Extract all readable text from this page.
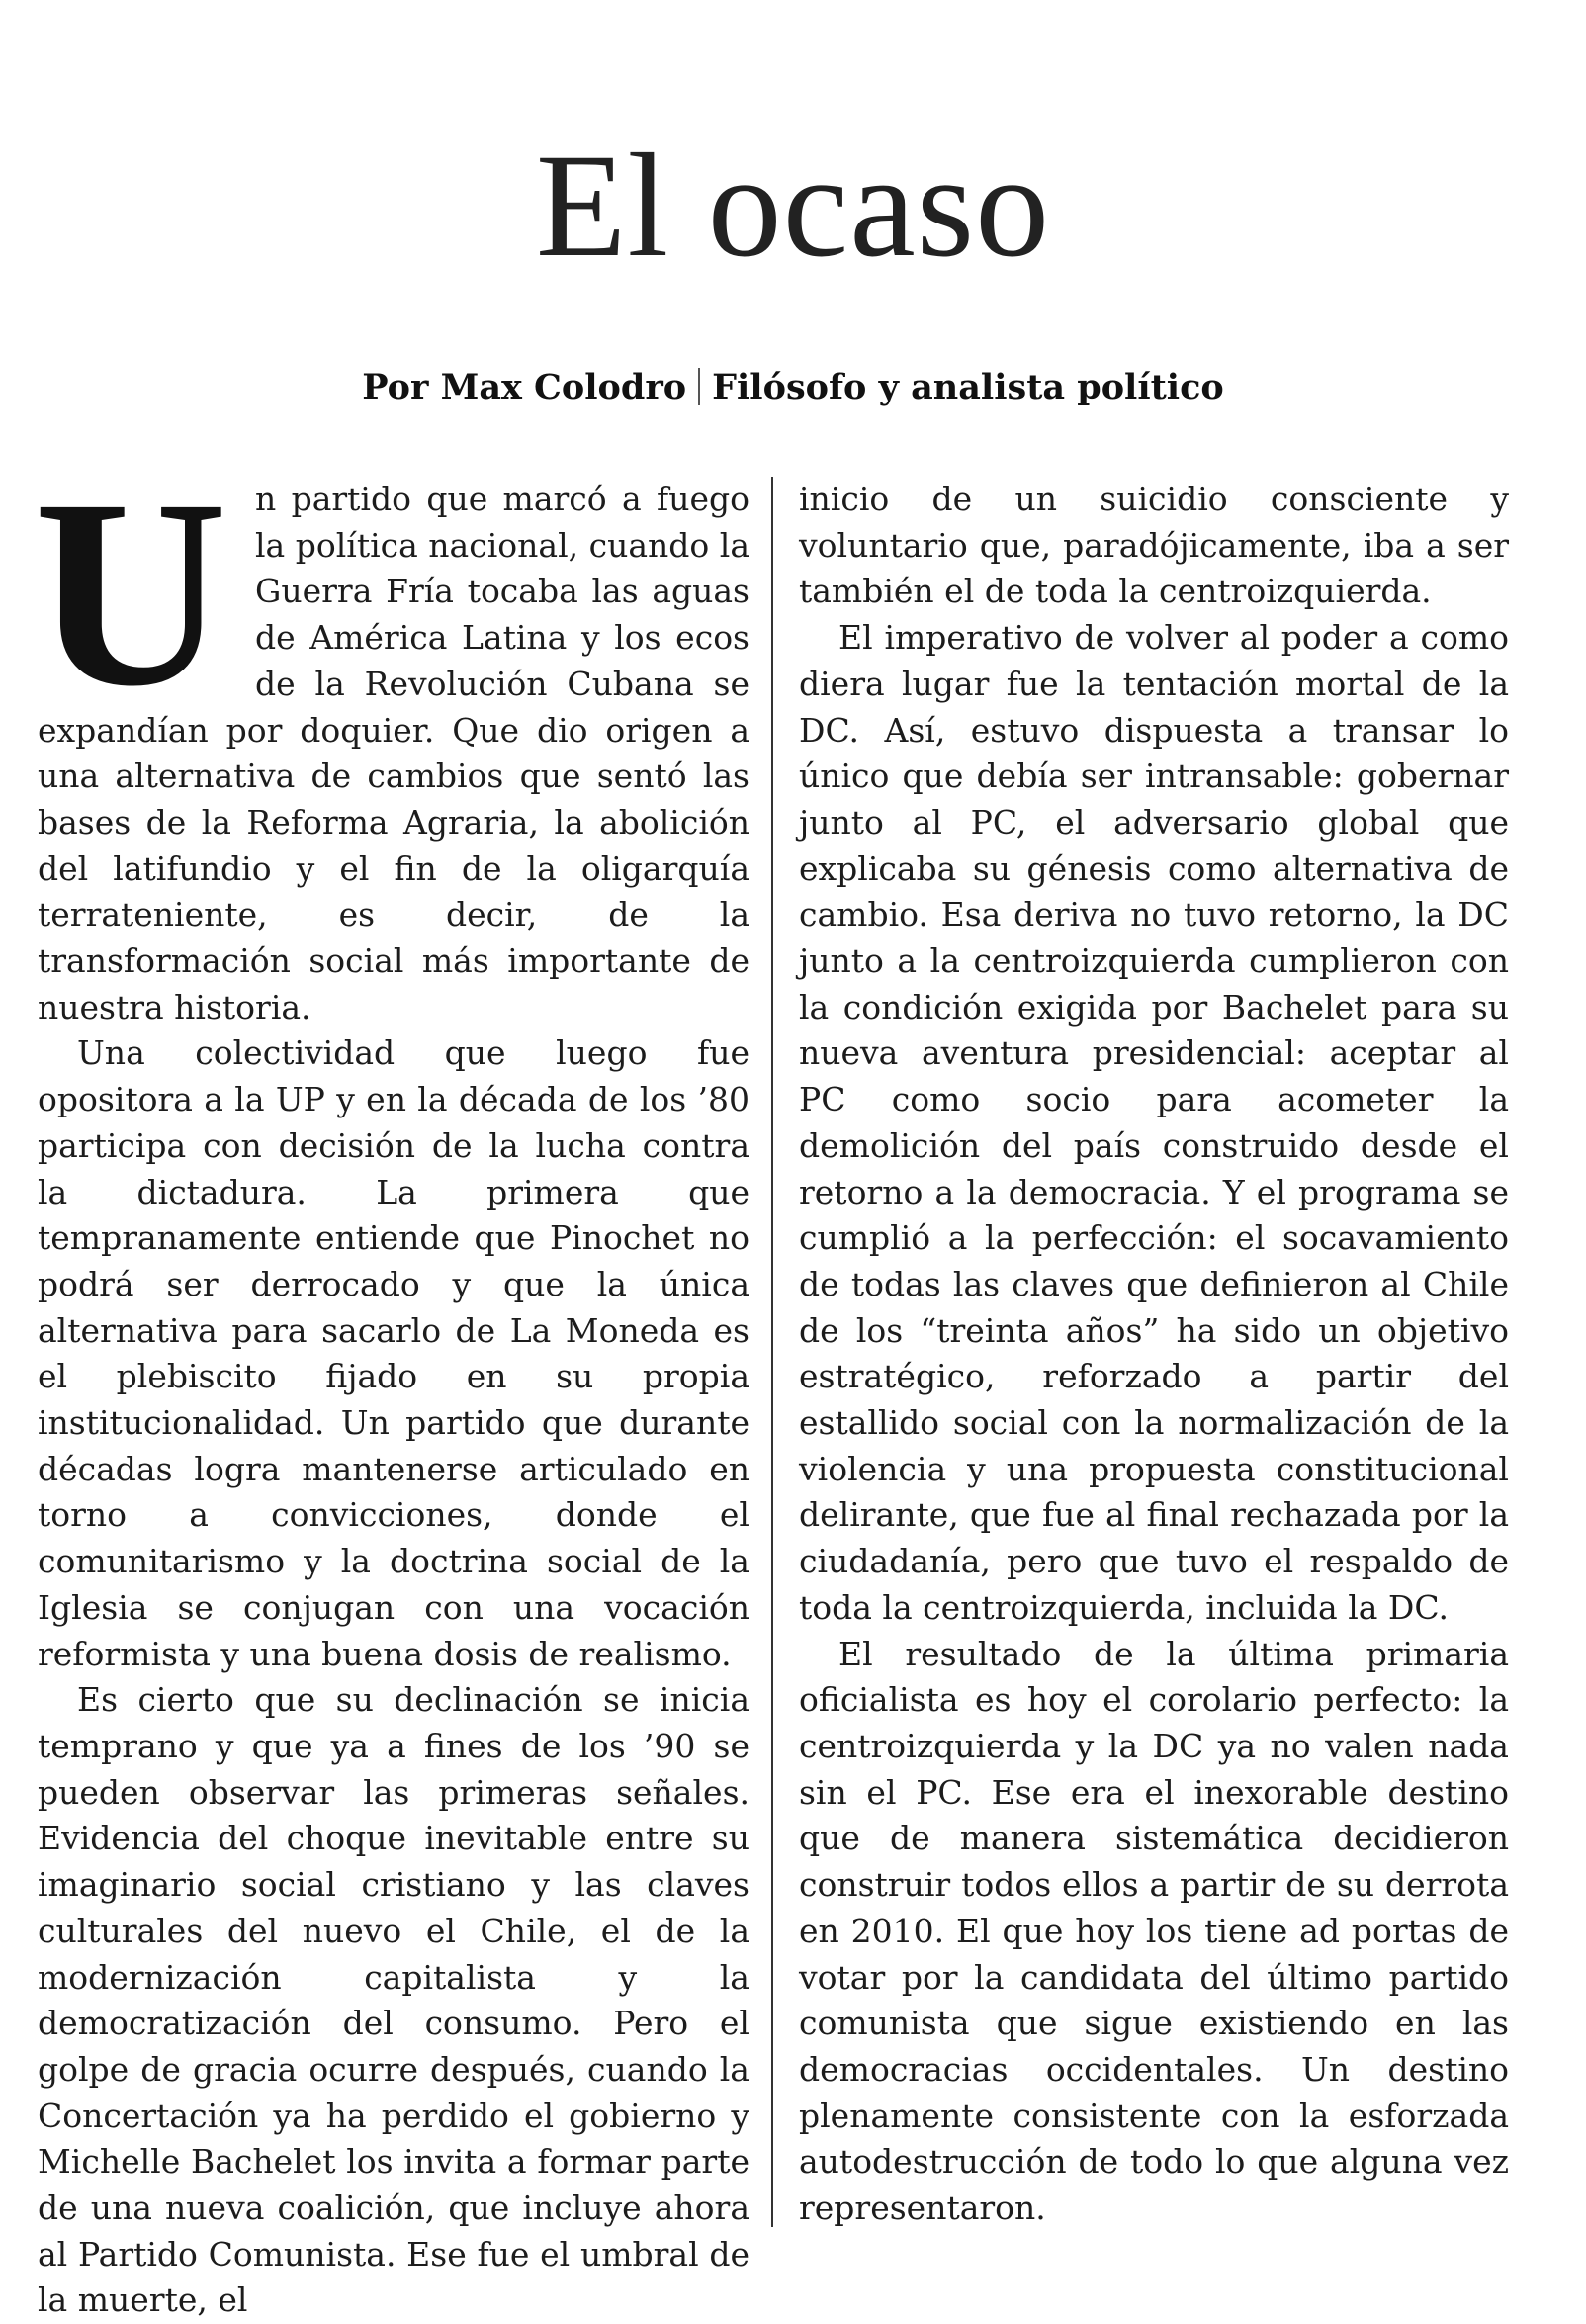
El ocaso
Por Max Colodro Filósofo y analista político

Un partido que marcó a fuego la política nacional, cuando la Guerra Fría tocaba las aguas de América Latina y los ecos de la Revolución Cubana se expandían por doquier. Que dio origen a una alternativa de cambios que sentó las bases de la Reforma Agraria, la abolición del latifundio y el fin de la oligarquía terrateniente, es decir, de la transformación social más importante de nuestra historia.

Una colectividad que luego fue opositora a la UP y en la década de los ’80 participa con decisión de la lucha contra la dictadura. La primera que tempranamente entiende que Pinochet no podrá ser derrocado y que la única alternativa para sacarlo de La Moneda es el plebiscito fijado en su propia institucionalidad. Un partido que durante décadas logra mantenerse articulado en torno a convicciones, donde el comunitarismo y la doctrina social de la Iglesia se conjugan con una vocación reformista y una buena dosis de realismo.

Es cierto que su declinación se inicia temprano y que ya a fines de los ’90 se pueden observar las primeras señales. Evidencia del choque inevitable entre su imaginario social cristiano y las claves culturales del nuevo el Chile, el de la modernización capitalista y la democratización del consumo. Pero el golpe de gracia ocurre después, cuando la Concertación ya ha perdido el gobierno y Michelle Bachelet los invita a formar parte de una nueva coalición, que incluye ahora al Partido Comunista. Ese fue el umbral de la muerte, el

inicio de un suicidio consciente y voluntario que, paradójicamente, iba a ser también el de toda la centroizquierda.

El imperativo de volver al poder a como diera lugar fue la tentación mortal de la DC. Así, estuvo dispuesta a transar lo único que debía ser intransable: gobernar junto al PC, el adversario global que explicaba su génesis como alternativa de cambio. Esa deriva no tuvo retorno, la DC junto a la centroizquierda cumplieron con la condición exigida por Bachelet para su nueva aventura presidencial: aceptar al PC como socio para acometer la demolición del país construido desde el retorno a la democracia. Y el programa se cumplió a la perfección: el socavamiento de todas las claves que definieron al Chile de los “treinta años” ha sido un objetivo estratégico, reforzado a partir del estallido social con la normalización de la violencia y una propuesta constitucional delirante, que fue al final rechazada por la ciudadanía, pero que tuvo el respaldo de toda la centroizquierda, incluida la DC.

El resultado de la última primaria oficialista es hoy el corolario perfecto: la centroizquierda y la DC ya no valen nada sin el PC. Ese era el inexorable destino que de manera sistemática decidieron construir todos ellos a partir de su derrota en 2010. El que hoy los tiene ad portas de votar por la candidata del último partido comunista que sigue existiendo en las democracias occidentales. Un destino plenamente consistente con la esforzada autodestrucción de todo lo que alguna vez representaron.
